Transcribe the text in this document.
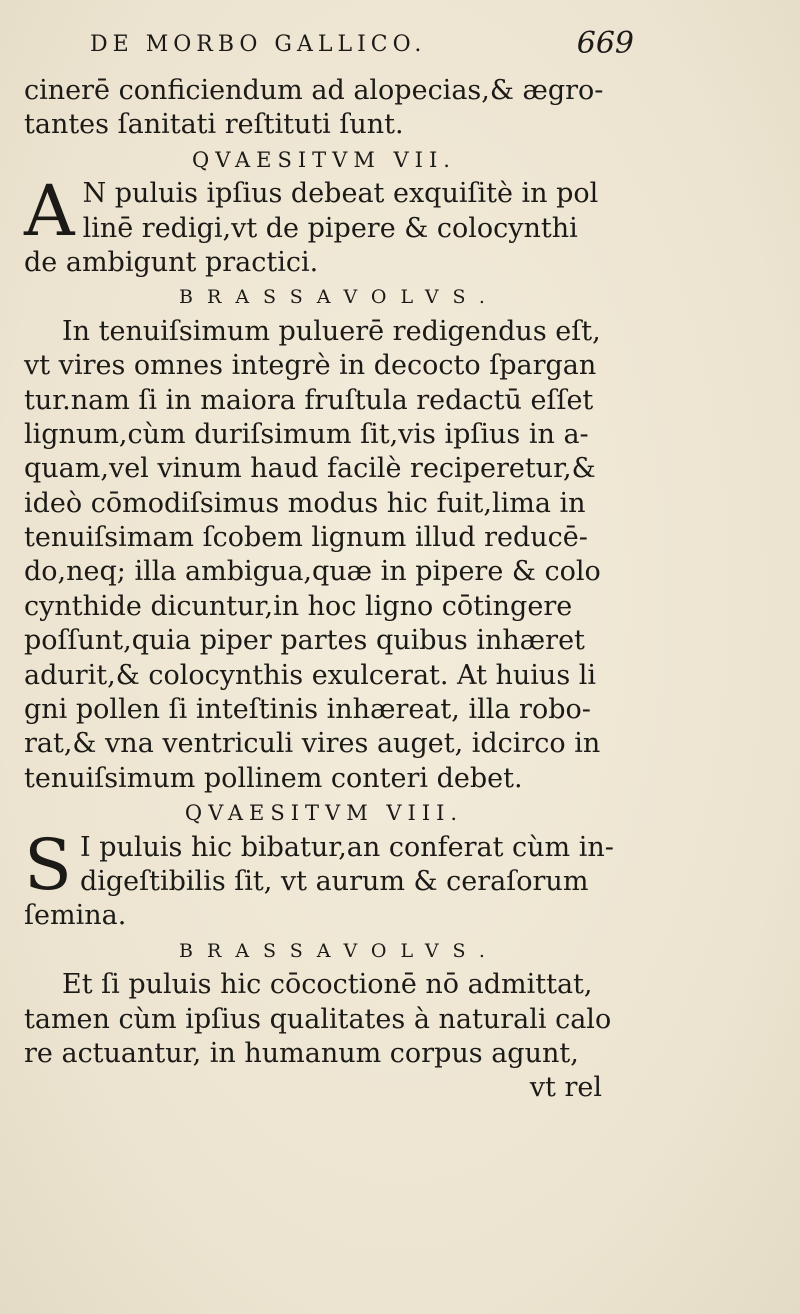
DE MORBO GALLICO.	669
cinerē conficiendum ad alopecias,& ægro-
tantes ſanitati reſtituti ſunt.
QVAESITVM VII.
A N puluis ipſius debeat exquiſitè in pol
linē redigi,vt de pipere & colocynthi
de ambigunt practici.
BRASSAVOLVS.
In tenuiſsimum puluerē redigendus eſt,
vt vires omnes integrè in decocto ſpargan
tur.nam ſi in maiora fruſtula redactū eſſet
lignum,cùm duriſsimum ſit,vis ipſius in a-
quam,vel vinum haud facilè reciperetur,&
ideò cōmodiſsimus modus hic fuit,lima in
tenuiſsimam ſcobem lignum illud reducē-
do,neq; illa ambigua,quæ in pipere & colo
cynthide dicuntur,in hoc ligno cōtingere
poſſunt,quia piper partes quibus inhæret
adurit,& colocynthis exulcerat. At huius li
gni pollen ſi inteſtinis inhæreat, illa robo-
rat,& vna ventriculi vires auget, idcirco in
tenuiſsimum pollinem conteri debet.
QVAESITVM VIII.
S I puluis hic bibatur,an conferat cùm in-
digeſtibilis ſit, vt aurum & ceraſorum
ſemina.
BRASSAVOLVS.
Et ſi puluis hic cōcoctionē nō admittat,
tamen cùm ipſius qualitates à naturali calo
re actuantur, in humanum corpus agunt,
vt rel
